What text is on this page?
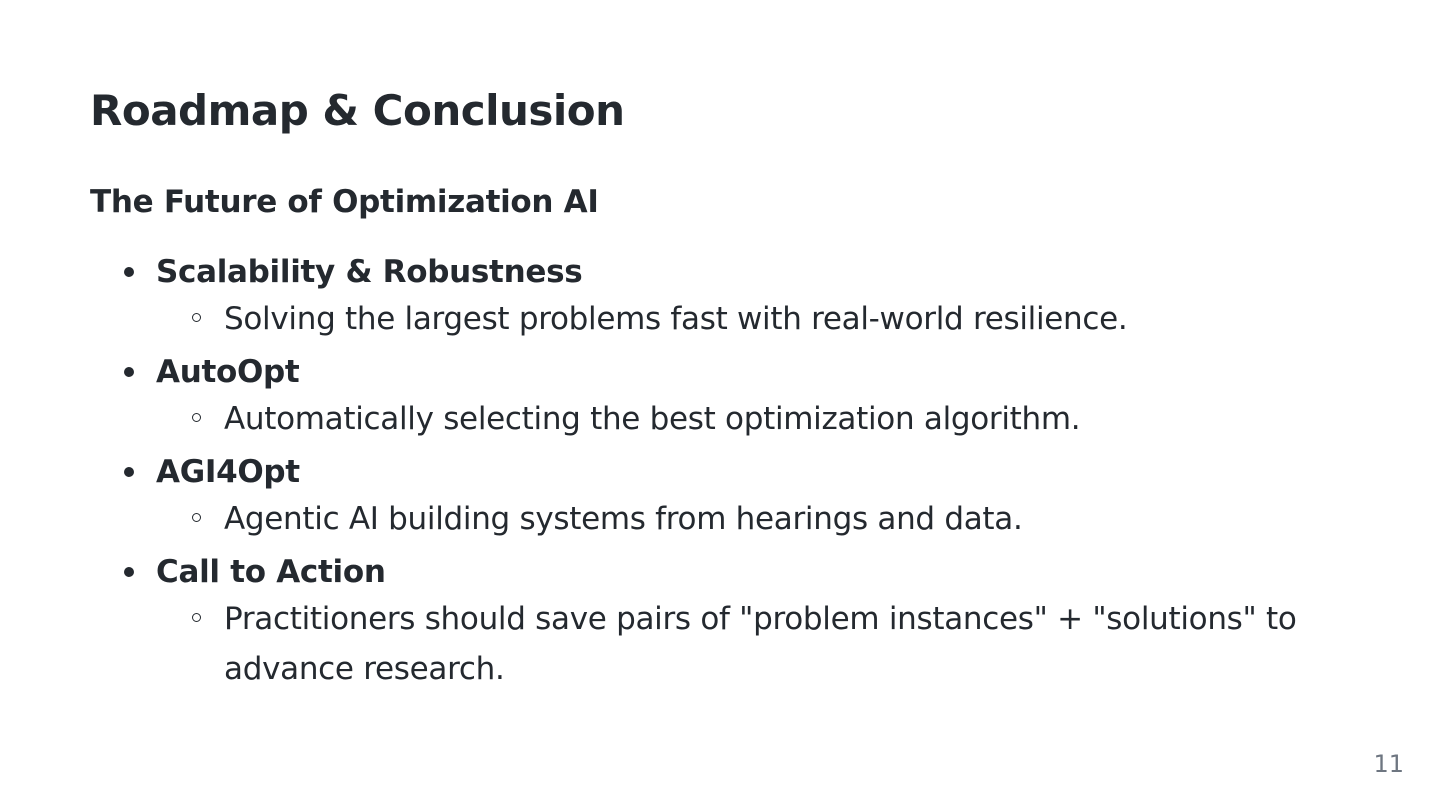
Roadmap & Conclusion
The Future of Optimization AI
Scalability & Robustness
Solving the largest problems fast with real-world resilience.
AutoOpt
Automatically selecting the best optimization algorithm.
AGI4Opt
Agentic AI building systems from hearings and data.
Call to Action
Practitioners should save pairs of "problem instances" + "solutions" to advance research.
11
